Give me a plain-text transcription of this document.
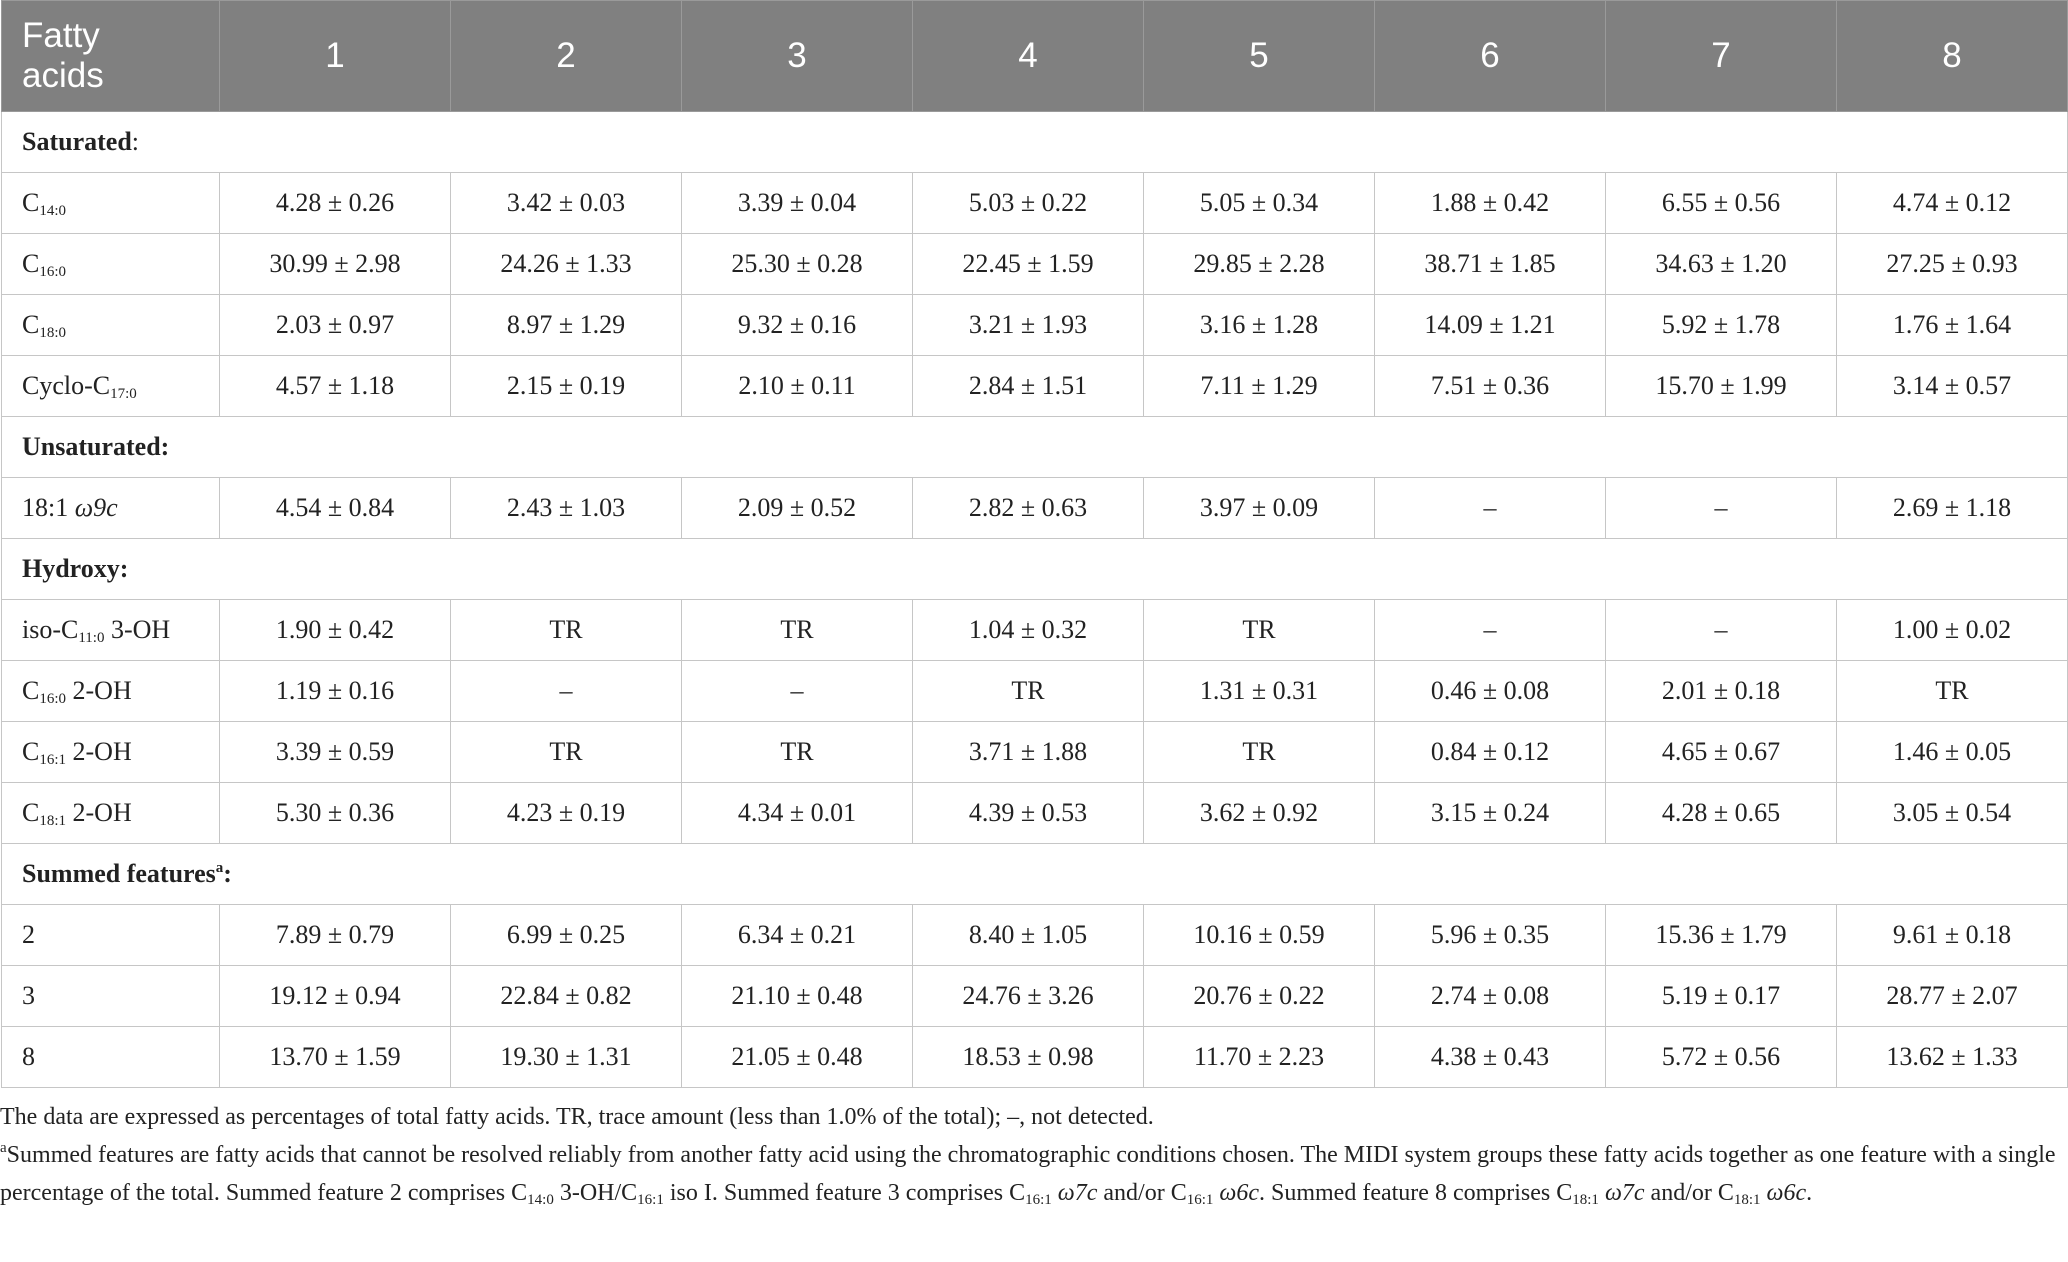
Fatty
acids	1	2	3	4	5	6	7	8
Saturated:								
$C_{14:0}$	4.28 ± 0.26	3.42 ± 0.03	3.39 ± 0.04	5.03 ± 0.22	5.05 ± 0.34	1.88 ± 0.42	6.55 ± 0.56	4.74 ± 0.12
$C_{16:0}$	30.99 ± 2.98	24.26 ± 1.33	25.30 ± 0.28	22.45 ± 1.59	29.85 ± 2.28	38.71 ± 1.85	34.63 ± 1.20	27.25 ± 0.93
$C_{18:0}$	2.03 ± 0.97	8.97 ± 1.29	9.32 ± 0.16	3.21 ± 1.93	3.16 ± 1.28	14.09 ± 1.21	5.92 ± 1.78	1.76 ± 1.64
Cyclo-$C_{17:0}$	4.57 ± 1.18	2.15 ± 0.19	2.10 ± 0.11	2.84 ± 1.51	7.11 ± 1.29	7.51 ± 0.36	15.70 ± 1.99	3.14 ± 0.57
Unsaturated:								
18:1 ω9c	4.54 ± 0.84	2.43 ± 1.03	2.09 ± 0.52	2.82 ± 0.63	3.97 ± 0.09	–	–	2.69 ± 1.18
Hydroxy:								
iso-$C_{11:0}$ 3-OH	1.90 ± 0.42	TR	TR	1.04 ± 0.32	TR	–	–	1.00 ± 0.02
$C_{16:0}$ 2-OH	1.19 ± 0.16	–	–	TR	1.31 ± 0.31	0.46 ± 0.08	2.01 ± 0.18	TR
$C_{16:1}$ 2-OH	3.39 ± 0.59	TR	TR	3.71 ± 1.88	TR	0.84 ± 0.12	4.65 ± 0.67	1.46 ± 0.05
$C_{18:1}$ 2-OH	5.30 ± 0.36	4.23 ± 0.19	4.34 ± 0.01	4.39 ± 0.53	3.62 ± 0.92	3.15 ± 0.24	4.28 ± 0.65	3.05 ± 0.54
Summed features$^a$:								
2	7.89 ± 0.79	6.99 ± 0.25	6.34 ± 0.21	8.40 ± 1.05	10.16 ± 0.59	5.96 ± 0.35	15.36 ± 1.79	9.61 ± 0.18
3	19.12 ± 0.94	22.84 ± 0.82	21.10 ± 0.48	24.76 ± 3.26	20.76 ± 0.22	2.74 ± 0.08	5.19 ± 0.17	28.77 ± 2.07
8	13.70 ± 1.59	19.30 ± 1.31	21.05 ± 0.48	18.53 ± 0.98	11.70 ± 2.23	4.38 ± 0.43	5.72 ± 0.56	13.62 ± 1.33

The data are expressed as percentages of total fatty acids. TR, trace amount (less than 1.0% of the total); –, not detected.

$^a$Summed features are fatty acids that cannot be resolved reliably from another fatty acid using the chromatographic conditions chosen. The MIDI system groups these fatty acids together as one feature with a single percentage of the total. Summed feature 2 comprises $C_{14:0}$ $3-OH/C_{16:1}$ iso I. Summed feature 3 comprises $C_{16:1}$ ω7c and/or $C_{16:1}$ ω6c. Summed feature 8 comprises $C_{18:1}$ ω7c and/or $C_{18:1}$ ω6c.
